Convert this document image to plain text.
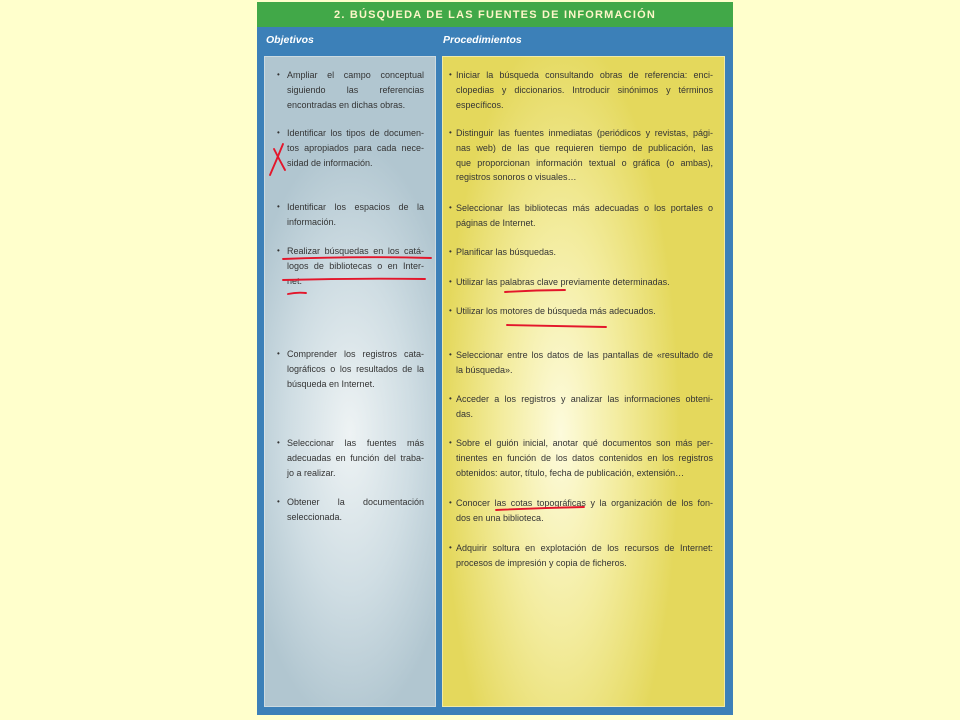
2. BÚSQUEDA DE LAS FUENTES DE INFORMACIÓN
Objetivos	Procedimientos
Ampliar el campo conceptual
siguiendo las referencias
encontradas en dichas obras.
Identificar los tipos de documen-
tos apropiados para cada nece-
sidad de información.
Identificar los espacios de la
información.
Realizar búsquedas en los catá-
logos de bibliotecas o en Inter-
net.
Comprender los registros cata-
lográficos o los resultados de la
búsqueda en Internet.
Seleccionar las fuentes más
adecuadas en función del traba-
jo a realizar.
Obtener la documentación
seleccionada.
Iniciar la búsqueda consultando obras de referencia: enci-
clopedias y diccionarios. Introducir sinónimos y términos
específicos.
Distinguir las fuentes inmediatas (periódicos y revistas, pági-
nas web) de las que requieren tiempo de publicación, las
que proporcionan información textual o gráfica (o ambas),
registros sonoros o visuales…
Seleccionar las bibliotecas más adecuadas o los portales o
páginas de Internet.
Planificar las búsquedas.
Utilizar las palabras clave previamente determinadas.
Utilizar los motores de búsqueda más adecuados.
Seleccionar entre los datos de las pantallas de «resultado de
la búsqueda».
Acceder a los registros y analizar las informaciones obteni-
das.
Sobre el guión inicial, anotar qué documentos son más per-
tinentes en función de los datos contenidos en los registros
obtenidos: autor, título, fecha de publicación, extensión…
Conocer las cotas topográficas y la organización de los fon-
dos en una biblioteca.
Adquirir soltura en explotación de los recursos de Internet:
procesos de impresión y copia de ficheros.
